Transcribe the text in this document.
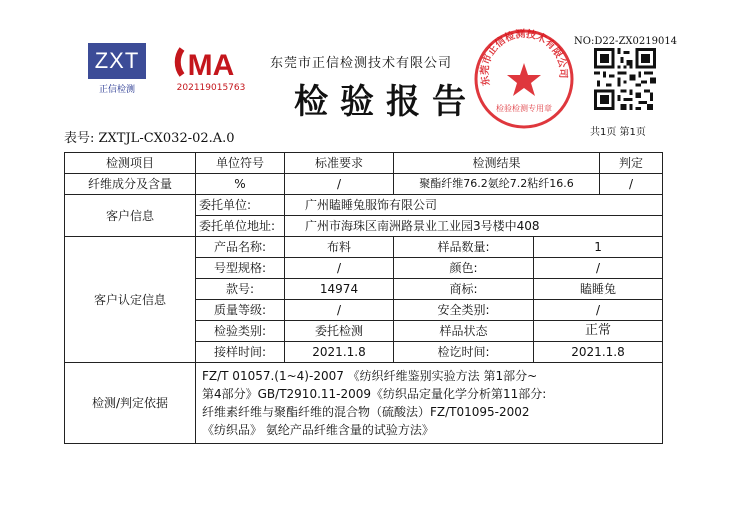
ZXT
正信检测
MA
202119015763
东莞市正信检测技术有限公司
检验报告
东莞市正信检测技术有限公司
检验检测专用章
NO:D22-ZX0219014
共1页 第1页
表号: ZXTJL-CX032-02.A.0
检测项目	单位符号	标准要求	检测结果		判定
纤维成分及含量	%	/	聚酯纤维76.2氨纶7.2粘纤16.6		/
客户信息	委托单位:	广州瞌睡兔服饰有限公司			
	委托单位地址:	广州市海珠区南洲路景业工业园3号楼中408			
客户认定信息	产品名称:	布料	样品数量:	1	
	号型规格:	/	颜色:	/	
	款号:	14974	商标:	瞌睡兔	
	质量等级:	/	安全类别:	/	
	检验类别:	委托检测	样品状态	正常	
	接样时间:	2021.1.8	检讫时间:	2021.1.8	
检测/判定依据	FZ/T 01057.(1~4)-2007 《纺织纤维鉴别实验方法 第1部分~
第4部分》GB/T2910.11-2009《纺织品定量化学分析第11部分:
纤维素纤维与聚酯纤维的混合物（硫酸法）FZ/T01095-2002
《纺织品》 氨纶产品纤维含量的试验方法》				
